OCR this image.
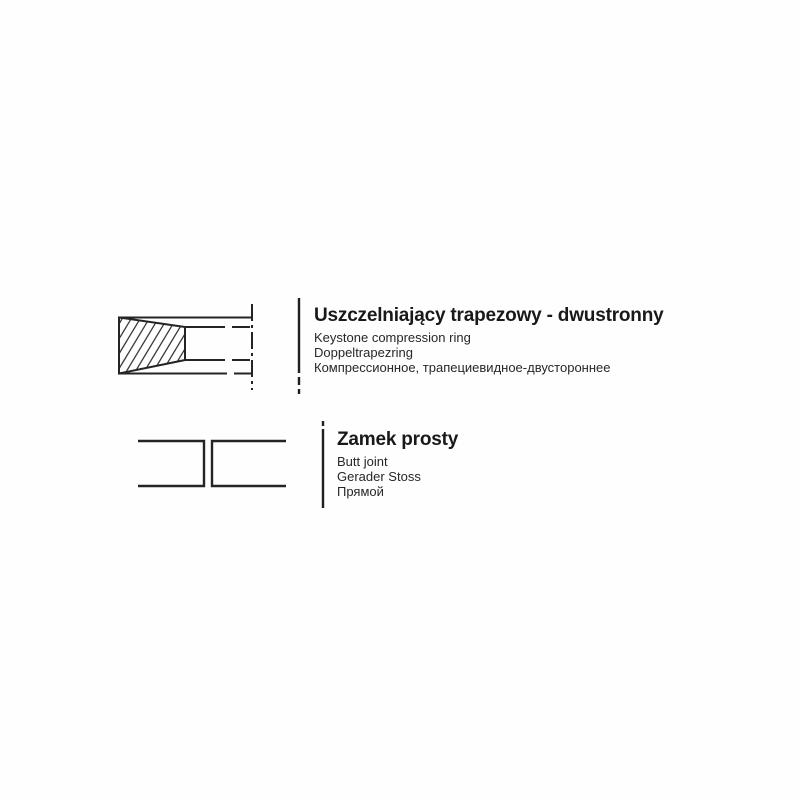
Uszczelniający trapezowy - dwustronny
Keystone compression ring
Doppeltrapezring
Компрессионное, трапециевидное-двустороннее
Zamek prosty
Butt joint
Gerader Stoss
Прямой
